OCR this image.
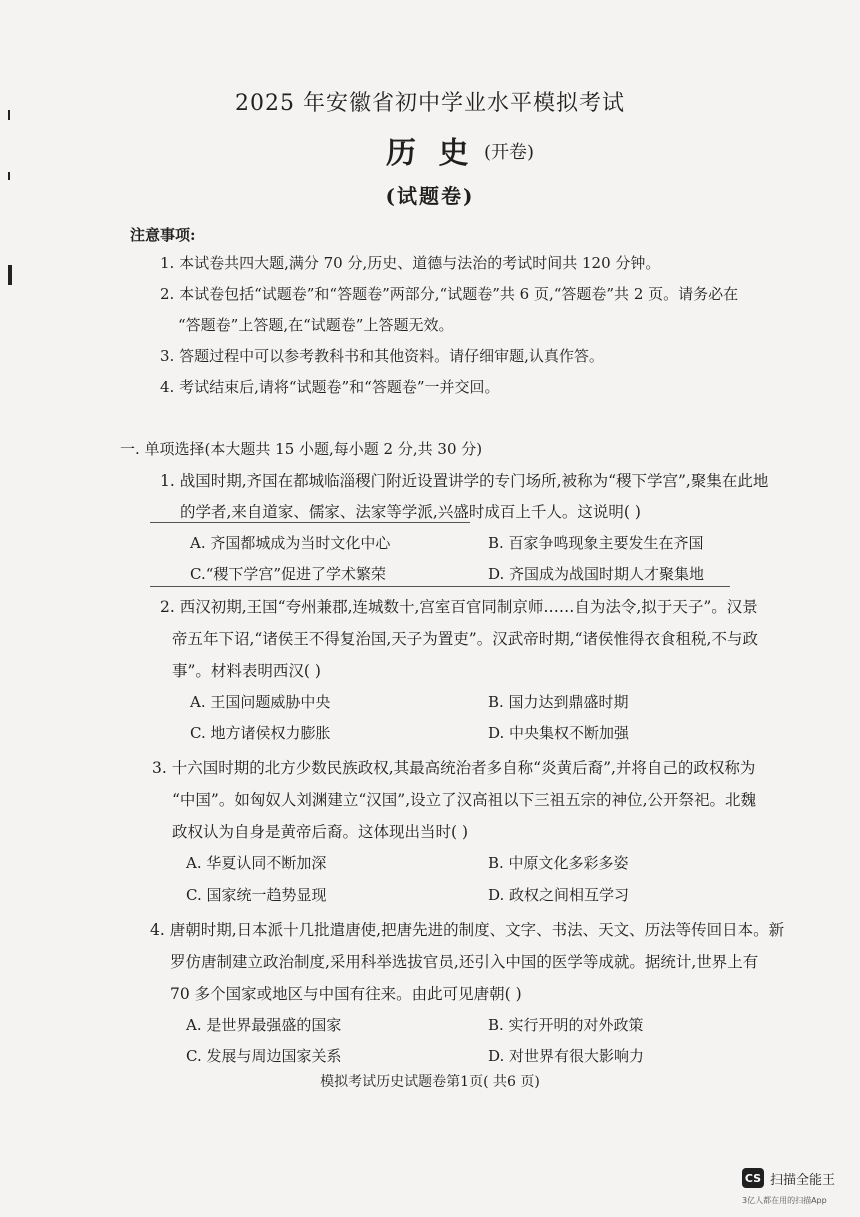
2025 年安徽省初中学业水平模拟考试
历 史 (开卷)
(试题卷)
注意事项:
1. 本试卷共四大题,满分 70 分,历史、道德与法治的考试时间共 120 分钟。
2. 本试卷包括“试题卷”和“答题卷”两部分,“试题卷”共 6 页,“答题卷”共 2 页。请务必在
“答题卷”上答题,在“试题卷”上答题无效。
3. 答题过程中可以参考教科书和其他资料。请仔细审题,认真作答。
4. 考试结束后,请将“试题卷”和“答题卷”一并交回。
一. 单项选择(本大题共 15 小题,每小题 2 分,共 30 分)
1. 战国时期,齐国在都城临淄稷门附近设置讲学的专门场所,被称为“稷下学宫”,聚集在此地
的学者,来自道家、儒家、法家等学派,兴盛时成百上千人。这说明( )
A. 齐国都城成为当时文化中心	B. 百家争鸣现象主要发生在齐国
C.“稷下学宫”促进了学术繁荣	D. 齐国成为战国时期人才聚集地
2. 西汉初期,王国“夸州兼郡,连城数十,宫室百官同制京师……自为法令,拟于天子”。汉景
帝五年下诏,“诸侯王不得复治国,天子为置吏”。汉武帝时期,“诸侯惟得衣食租税,不与政
事”。材料表明西汉( )
A. 王国问题威胁中央	B. 国力达到鼎盛时期
C. 地方诸侯权力膨胀	D. 中央集权不断加强
3. 十六国时期的北方少数民族政权,其最高统治者多自称“炎黄后裔”,并将自己的政权称为
“中国”。如匈奴人刘渊建立“汉国”,设立了汉高祖以下三祖五宗的神位,公开祭祀。北魏
政权认为自身是黄帝后裔。这体现出当时( )
A. 华夏认同不断加深	B. 中原文化多彩多姿
C. 国家统一趋势显现	D. 政权之间相互学习
4. 唐朝时期,日本派十几批遣唐使,把唐先进的制度、文字、书法、天文、历法等传回日本。新
罗仿唐制建立政治制度,采用科举选拔官员,还引入中国的医学等成就。据统计,世界上有
70 多个国家或地区与中国有往来。由此可见唐朝( )
A. 是世界最强盛的国家	B. 实行开明的对外政策
C. 发展与周边国家关系	D. 对世界有很大影响力
模拟考试历史试题卷第1页( 共6 页)
CS 扫描全能王
3亿人都在用的扫描App
